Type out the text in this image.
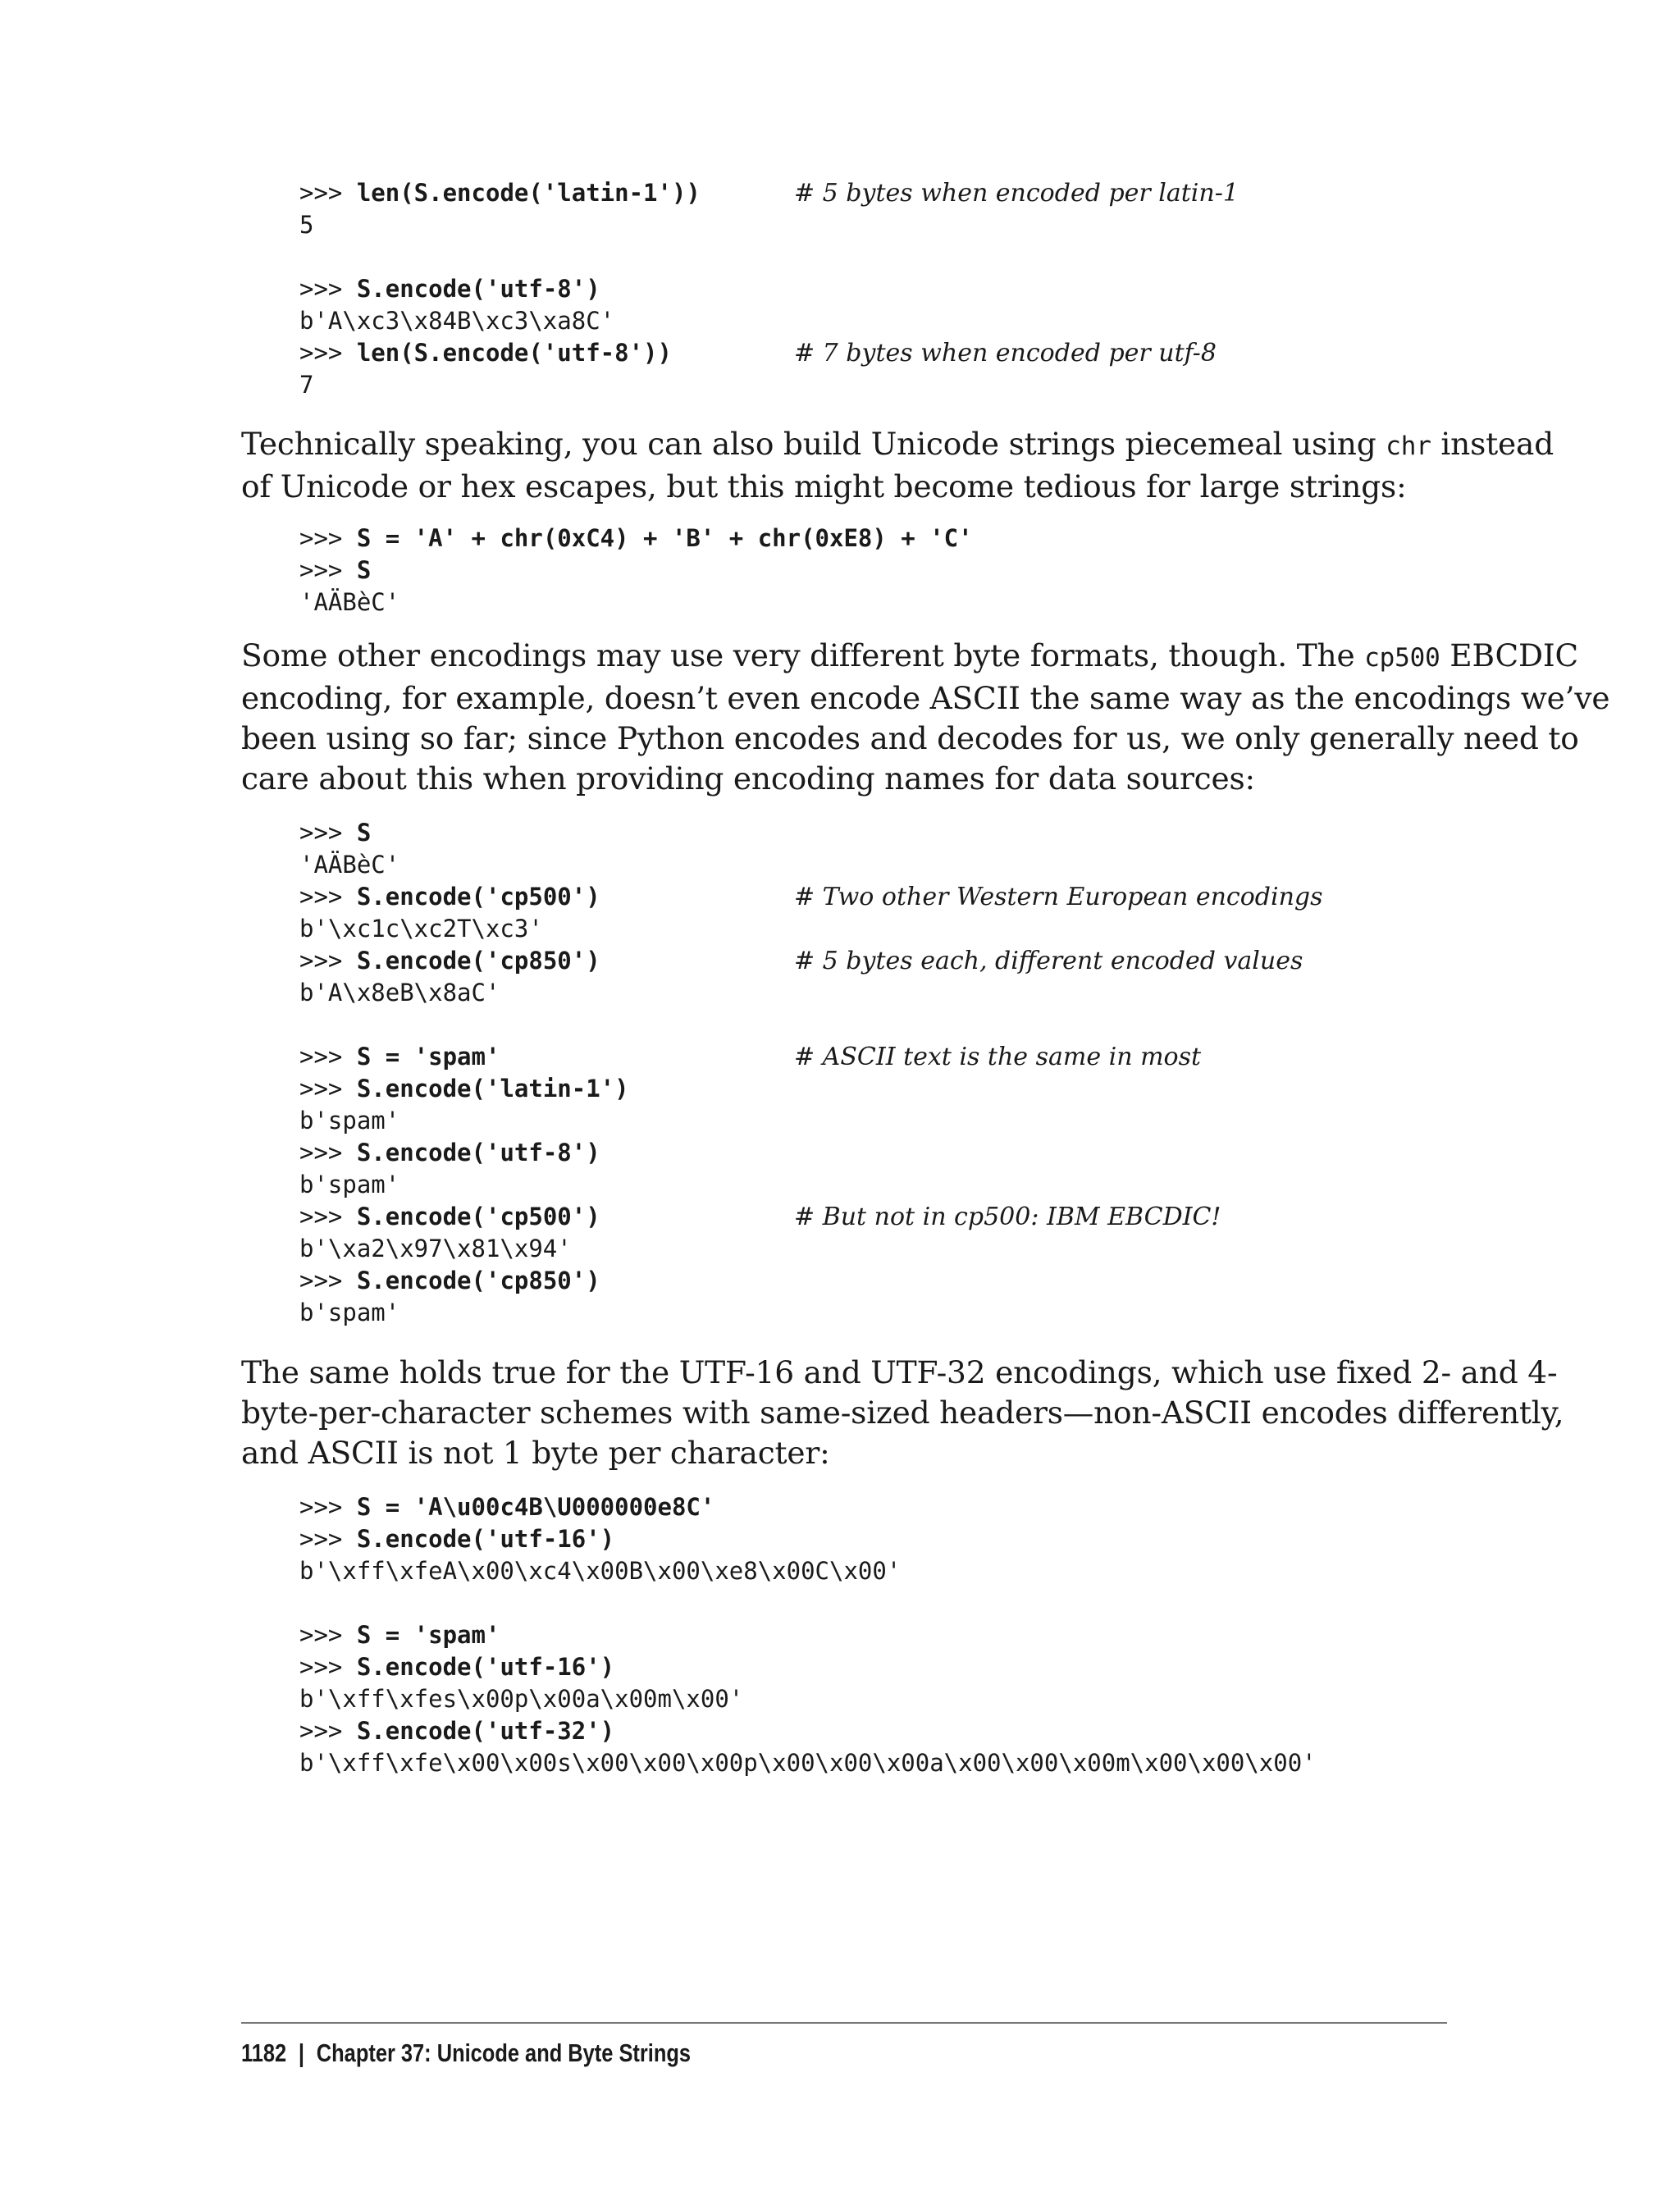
>>> len(S.encode('latin-1'))	# 5 bytes when encoded per latin-1
5
>>> S.encode('utf-8')
b'A\xc3\x84B\xc3\xa8C'
>>> len(S.encode('utf-8'))	# 7 bytes when encoded per utf-8
7

Technically speaking, you can also build Unicode strings piecemeal using chr instead
of Unicode or hex escapes, but this might become tedious for large strings:

>>> S = 'A' + chr(0xC4) + 'B' + chr(0xE8) + 'C'
>>> S
'AÄBèC'

Some other encodings may use very different byte formats, though. The cp500 EBCDIC
encoding, for example, doesn’t even encode ASCII the same way as the encodings we’ve
been using so far; since Python encodes and decodes for us, we only generally need to
care about this when providing encoding names for data sources:

>>> S
'AÄBèC'
>>> S.encode('cp500')	# Two other Western European encodings
b'\xc1c\xc2T\xc3'
>>> S.encode('cp850')	# 5 bytes each, different encoded values
b'A\x8eB\x8aC'
>>> S = 'spam'	# ASCII text is the same in most
>>> S.encode('latin-1')
b'spam'
>>> S.encode('utf-8')
b'spam'
>>> S.encode('cp500')	# But not in cp500: IBM EBCDIC!
b'\xa2\x97\x81\x94'
>>> S.encode('cp850')
b'spam'

The same holds true for the UTF-16 and UTF-32 encodings, which use fixed 2- and 4-
byte-per-character schemes with same-sized headers—non-ASCII encodes differently,
and ASCII is not 1 byte per character:

>>> S = 'A\u00c4B\U000000e8C'
>>> S.encode('utf-16')
b'\xff\xfeA\x00\xc4\x00B\x00\xe8\x00C\x00'
>>> S = 'spam'
>>> S.encode('utf-16')
b'\xff\xfes\x00p\x00a\x00m\x00'
>>> S.encode('utf-32')
b'\xff\xfe\x00\x00s\x00\x00\x00p\x00\x00\x00a\x00\x00\x00m\x00\x00\x00'
1182 | Chapter 37: Unicode and Byte Strings
